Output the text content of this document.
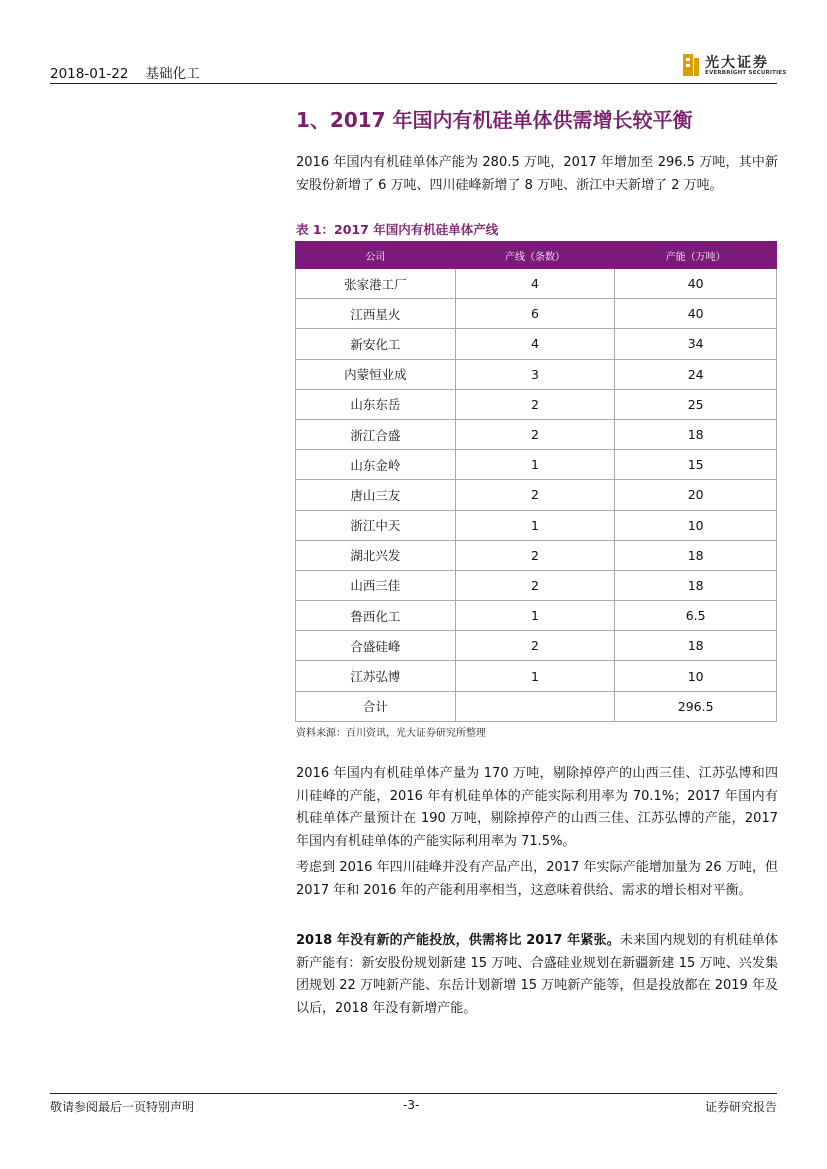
2018-01-22    基础化工
光大证券
EVERBRIGHT SECURITIES
1、2017 年国内有机硅单体供需增长较平衡

2016 年国内有机硅单体产能为 280.5 万吨，2017 年增加至 296.5 万吨，其中新安股份新增了 6 万吨、四川硅峰新增了 8 万吨、浙江中天新增了 2 万吨。

表 1：2017 年国内有机硅单体产线
公司	产线（条数）	产能（万吨）
张家港工厂	4	40
江西星火	6	40
新安化工	4	34
内蒙恒业成	3	24
山东东岳	2	25
浙江合盛	2	18
山东金岭	1	15
唐山三友	2	20
浙江中天	1	10
湖北兴发	2	18
山西三佳	2	18
鲁西化工	1	6.5
合盛硅峰	2	18
江苏弘博	1	10
合计		296.5
资料来源：百川资讯，光大证券研究所整理

2016 年国内有机硅单体产量为 170 万吨，剔除掉停产的山西三佳、江苏弘博和四川硅峰的产能，2016 年有机硅单体的产能实际利用率为 70.1%；2017 年国内有机硅单体产量预计在 190 万吨，剔除掉停产的山西三佳、江苏弘博的产能，2017 年国内有机硅单体的产能实际利用率为 71.5%。

考虑到 2016 年四川硅峰并没有产品产出，2017 年实际产能增加量为 26 万吨，但 2017 年和 2016 年的产能利用率相当，这意味着供给、需求的增长相对平衡。

2018 年没有新的产能投放，供需将比 2017 年紧张。未来国内规划的有机硅单体新产能有：新安股份规划新建 15 万吨、合盛硅业规划在新疆新建 15 万吨、兴发集团规划 22 万吨新产能、东岳计划新增 15 万吨新产能等，但是投放都在 2019 年及以后，2018 年没有新增产能。

敬请参阅最后一页特别声明	-3-	证券研究报告
